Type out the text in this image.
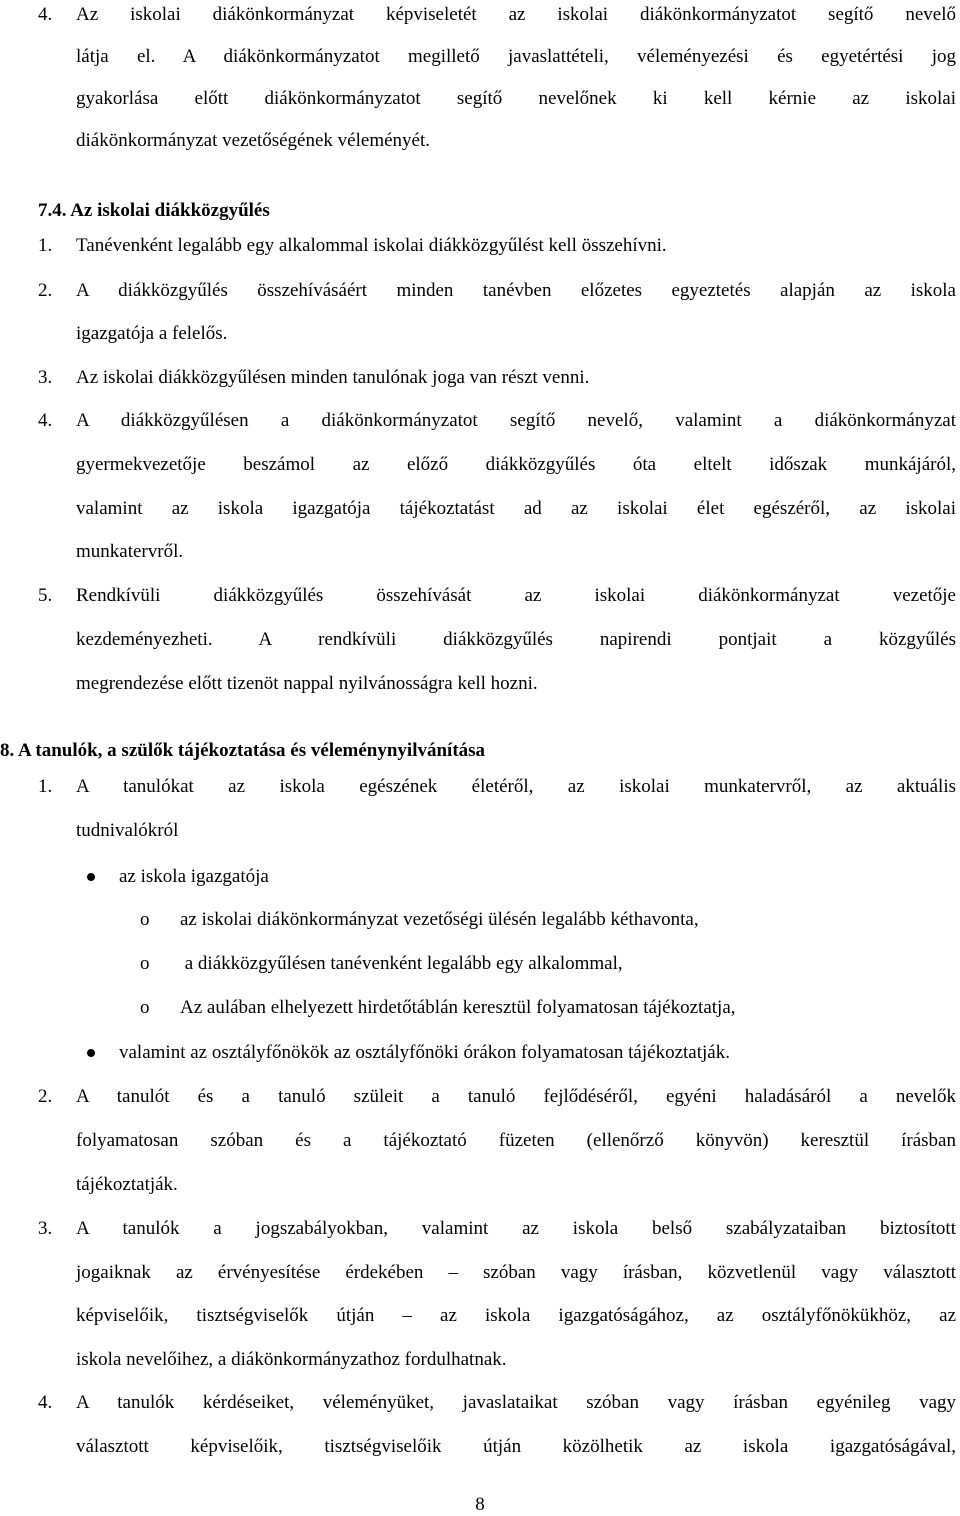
4. Az iskolai diákönkormányzat képviseletét az iskolai diákönkormányzatot segítő nevelő
látja el. A diákönkormányzatot megillető javaslattételi, véleményezési és egyetértési jog
gyakorlása előtt diákönkormányzatot segítő nevelőnek ki kell kérnie az iskolai
diákönkormányzat vezetőségének véleményét.
7.4. Az iskolai diákközgyűlés
1. Tanévenként legalább egy alkalommal iskolai diákközgyűlést kell összehívni.
2. A diákközgyűlés összehívásáért minden tanévben előzetes egyeztetés alapján az iskola
igazgatója a felelős.
3. Az iskolai diákközgyűlésen minden tanulónak joga van részt venni.
4. A diákközgyűlésen a diákönkormányzatot segítő nevelő, valamint a diákönkormányzat
gyermekvezetője beszámol az előző diákközgyűlés óta eltelt időszak munkájáról,
valamint az iskola igazgatója tájékoztatást ad az iskolai élet egészéről, az iskolai
munkatervről.
5. Rendkívüli diákközgyűlés összehívását az iskolai diákönkormányzat vezetője
kezdeményezheti. A rendkívüli diákközgyűlés napirendi pontjait a közgyűlés
megrendezése előtt tizenöt nappal nyilvánosságra kell hozni.
8. A tanulók, a szülők tájékoztatása és véleménynyilvánítása
1. A tanulókat az iskola egészének életéről, az iskolai munkatervről, az aktuális
tudnivalókról
az iskola igazgatója
o az iskolai diákönkormányzat vezetőségi ülésén legalább kéthavonta,
o a diákközgyűlésen tanévenként legalább egy alkalommal,
o Az aulában elhelyezett hirdetőtáblán keresztül folyamatosan tájékoztatja,
valamint az osztályfőnökök az osztályfőnöki órákon folyamatosan tájékoztatják.
2. A tanulót és a tanuló szüleit a tanuló fejlődéséről, egyéni haladásáról a nevelők
folyamatosan szóban és a tájékoztató füzeten (ellenőrző könyvön) keresztül írásban
tájékoztatják.
3. A tanulók a jogszabályokban, valamint az iskola belső szabályzataiban biztosított
jogaiknak az érvényesítése érdekében – szóban vagy írásban, közvetlenül vagy választott
képviselőik, tisztségviselők útján – az iskola igazgatóságához, az osztályfőnökükhöz, az
iskola nevelőihez, a diákönkormányzathoz fordulhatnak.
4. A tanulók kérdéseiket, véleményüket, javaslataikat szóban vagy írásban egyénileg vagy
választott képviselőik, tisztségviselőik útján közölhetik az iskola igazgatóságával,
8
